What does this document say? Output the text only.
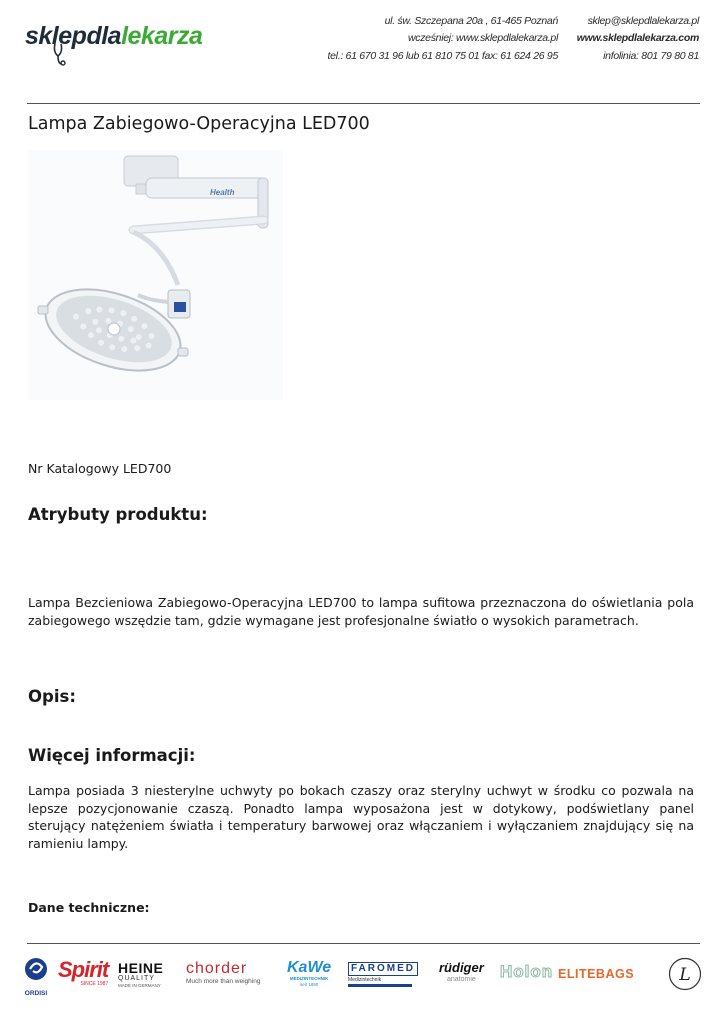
sklepdlalekarza
ul. św. Szczepana 20a , 61-465 Poznań
wcześniej: www.sklepdlalekarza.pl
tel.: 61 670 31 96 lub 61 810 75 01 fax: 61 624 26 95
sklep@sklepdlalekarza.pl
www.sklepdlalekarza.com
infolinia: 801 79 80 81
Lampa Zabiegowo-Operacyjna LED700
Health
Nr Katalogowy LED700
Atrybuty produktu:

Lampa Bezcieniowa Zabiegowo-Operacyjna LED700 to lampa sufitowa przeznaczona do oświetlania pola zabiegowego wszędzie tam, gdzie wymagane jest profesjonalne światło o wysokich parametrach.

Opis:
Więcej informacji:

Lampa posiada 3 niesterylne uchwyty po bokach czaszy oraz sterylny uchwyt w środku co pozwala na lepsze pozycjonowanie czaszą. Ponadto lampa wyposażona jest w dotykowy, podświetlany panel sterujący natężeniem światła i temperatury barwowej oraz włączaniem i wyłączaniem znajdujący się na ramieniu lampy.

Dane techniczne:
ORDISI
Spirit
SINCE 1987
HEINE
QUALITY
MADE IN GERMANY
chorder
Much more than weighing
KaWe
MEDIZINTECHNIK
seit 1890
FAROMED
Medizintechnik
rüdiger
anatomie	Holon ELITEBAGS	L
